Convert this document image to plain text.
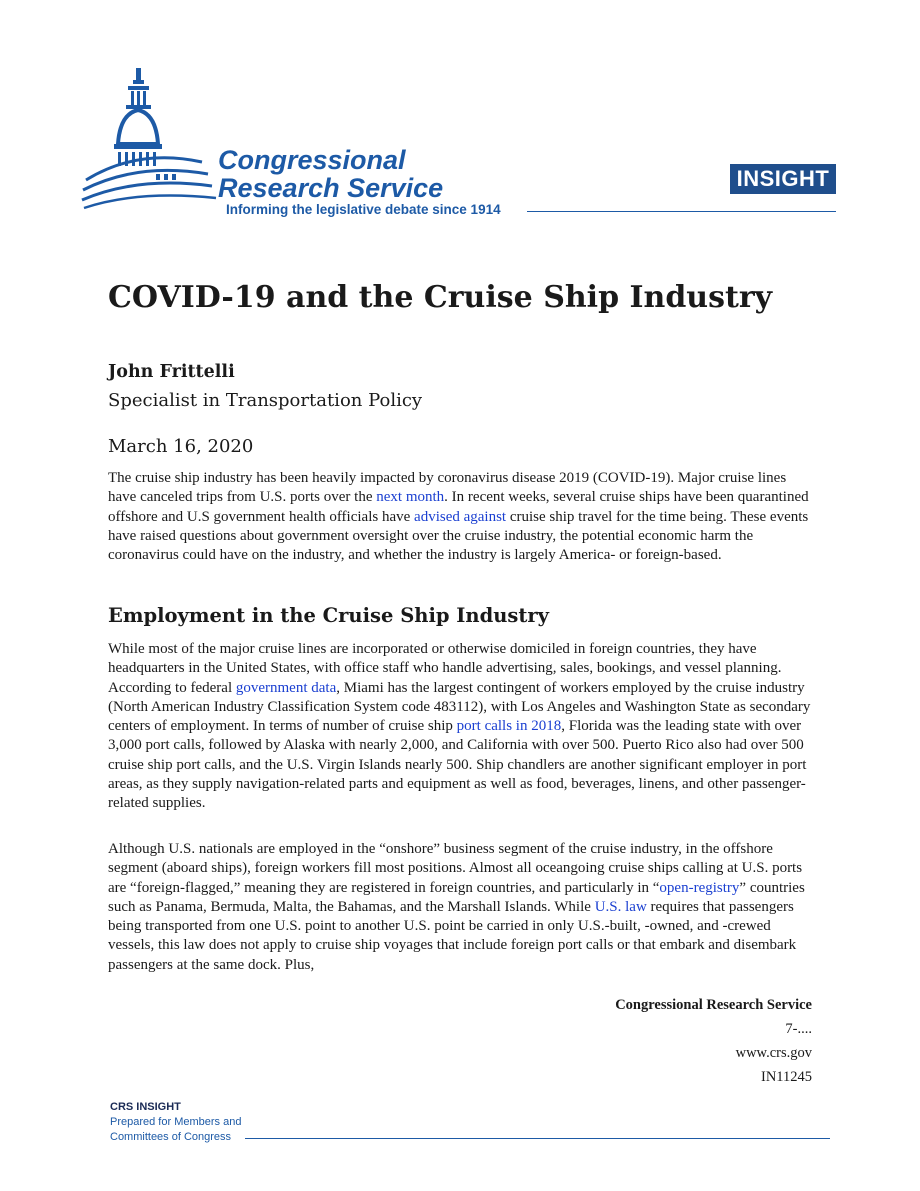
Congressional
Research Service
Informing the legislative debate since 1914
INSIGHT
COVID-19 and the Cruise Ship Industry
John Frittelli
Specialist in Transportation Policy
March 16, 2020

The cruise ship industry has been heavily impacted by coronavirus disease 2019 (COVID-19). Major cruise lines have canceled trips from U.S. ports over the next month. In recent weeks, several cruise ships have been quarantined offshore and U.S government health officials have advised against cruise ship travel for the time being. These events have raised questions about government oversight over the cruise industry, the potential economic harm the coronavirus could have on the industry, and whether the industry is largely America- or foreign-based.

Employment in the Cruise Ship Industry

While most of the major cruise lines are incorporated or otherwise domiciled in foreign countries, they have headquarters in the United States, with office staff who handle advertising, sales, bookings, and vessel planning. According to federal government data, Miami has the largest contingent of workers employed by the cruise industry (North American Industry Classification System code 483112), with Los Angeles and Washington State as secondary centers of employment. In terms of number of cruise ship port calls in 2018, Florida was the leading state with over 3,000 port calls, followed by Alaska with nearly 2,000, and California with over 500. Puerto Rico also had over 500 cruise ship port calls, and the U.S. Virgin Islands nearly 500. Ship chandlers are another significant employer in port areas, as they supply navigation-related parts and equipment as well as food, beverages, linens, and other passenger-related supplies.

Although U.S. nationals are employed in the “onshore” business segment of the cruise industry, in the offshore segment (aboard ships), foreign workers fill most positions. Almost all oceangoing cruise ships calling at U.S. ports are “foreign-flagged,” meaning they are registered in foreign countries, and particularly in “open-registry” countries such as Panama, Bermuda, Malta, the Bahamas, and the Marshall Islands. While U.S. law requires that passengers being transported from one U.S. point to another U.S. point be carried in only U.S.-built, -owned, and -crewed vessels, this law does not apply to cruise ship voyages that include foreign port calls or that embark and disembark passengers at the same dock. Plus,

Congressional Research Service
7-....
www.crs.gov
IN11245
CRS INSIGHT
Prepared for Members and
Committees of Congress
